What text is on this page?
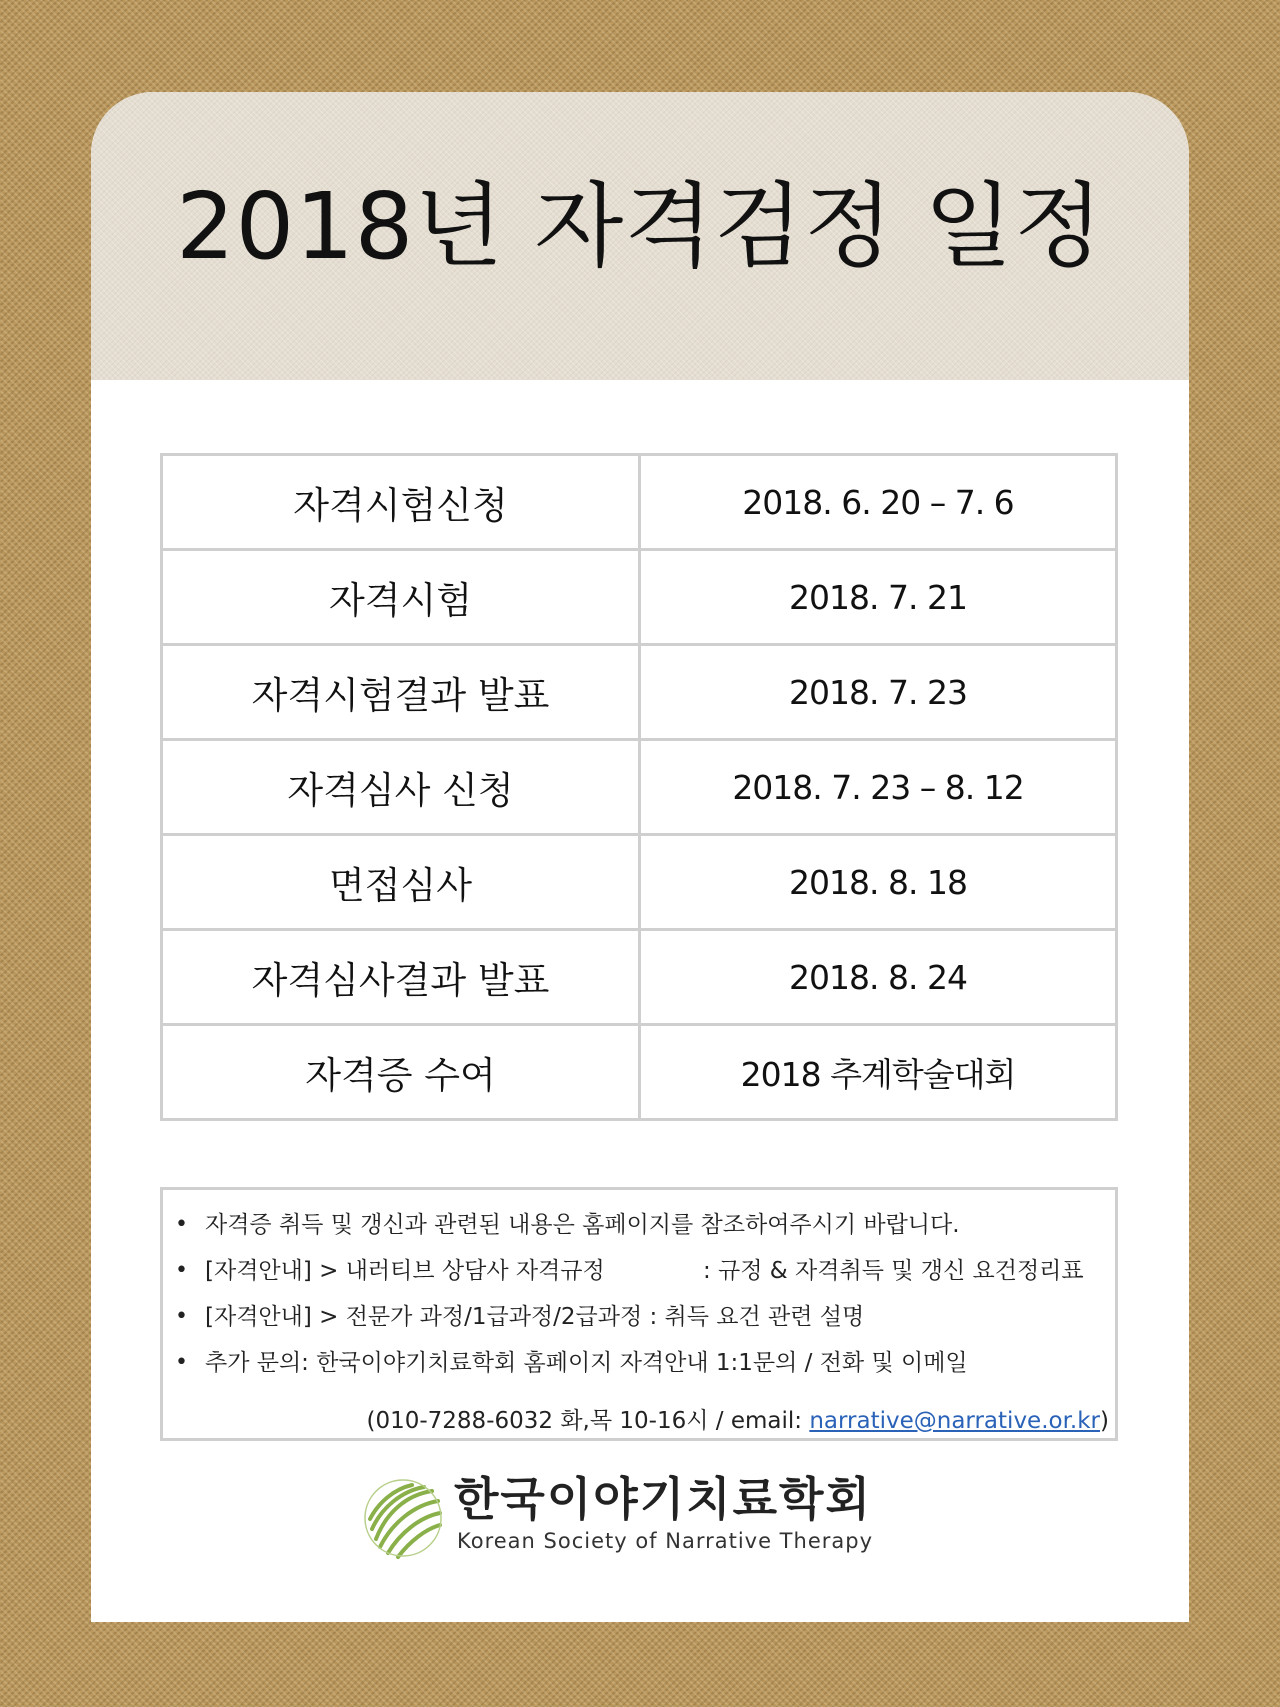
2018년 자격검정 일정
자격시험신청	2018. 6. 20 – 7. 6
자격시험	2018. 7. 21
자격시험결과 발표	2018. 7. 23
자격심사 신청	2018. 7. 23 – 8. 12
면접심사	2018. 8. 18
자격심사결과 발표	2018. 8. 24
자격증 수여	2018 추계학술대회
• 자격증 취득 및 갱신과 관련된 내용은 홈페이지를 참조하여주시기 바랍니다.
• [자격안내] > 내러티브 상담사 자격규정	: 규정 & 자격취득 및 갱신 요건정리표
• [자격안내] > 전문가 과정/1급과정/2급과정 : 취득 요건 관련 설명
• 추가 문의: 한국이야기치료학회 홈페이지 자격안내 1:1문의 / 전화 및 이메일
(010-7288-6032 화,목 10-16시 / email: narrative@narrative.or.kr)
한국이야기치료학회
Korean Society of Narrative Therapy
